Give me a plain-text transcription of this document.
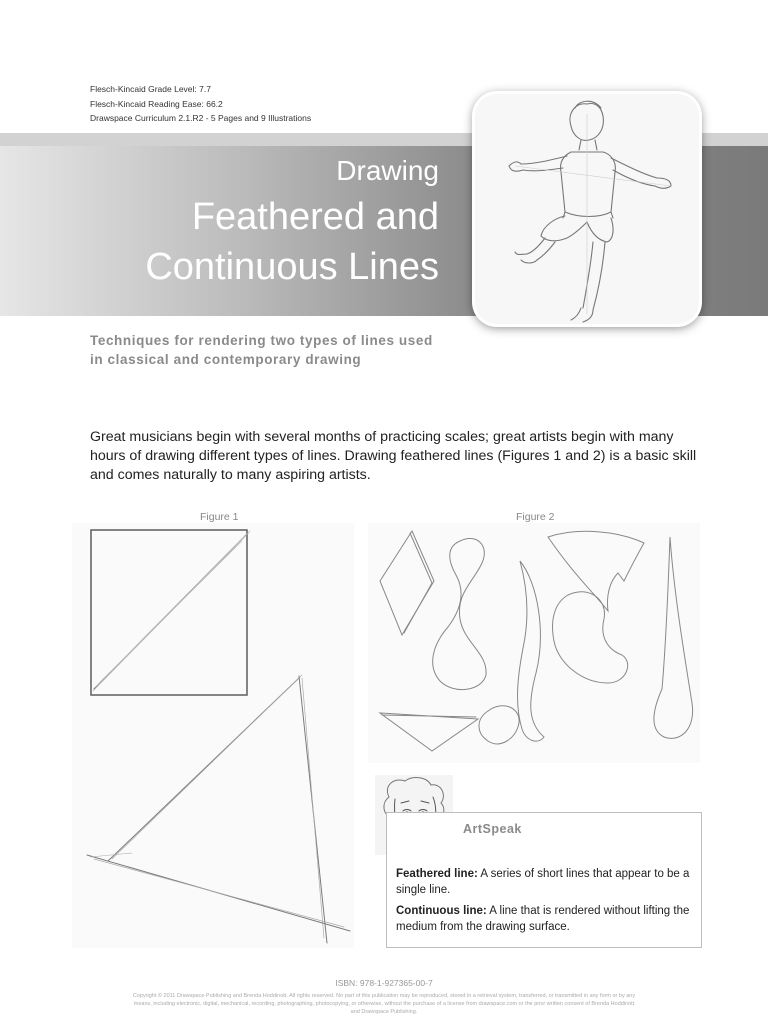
Flesch-Kincaid Grade Level: 7.7
Flesch-Kincaid Reading Ease: 66.2
Drawspace Curriculum 2.1.R2 - 5 Pages and 9 Illustrations
Drawing
Feathered and
Continuous Lines
Techniques for rendering two types of lines used
in classical and contemporary drawing
Great musicians begin with several months of practicing scales; great artists begin with many hours of drawing different types of lines. Drawing feathered lines (Figures 1 and 2) is a basic skill and comes naturally to many aspiring artists.
Figure 1	Figure 2
ArtSpeak
Feathered line: A series of short lines that appear to be a single line.
Continuous line: A line that is rendered without lifting the medium from the drawing surface.
ISBN: 978-1-927365-00-7
Copyright © 2011 Drawspace Publishing and Brenda Hoddinott. All rights reserved. No part of this publication may be reproduced, stored in a retrieval system, transferred, or transmitted in any form or by any means, including electronic, digital, mechanical, recording, photographing, photocopying, or otherwise, without the purchase of a license from drawspace.com or the prior written consent of Brenda Hoddinott and Drawspace Publishing.
